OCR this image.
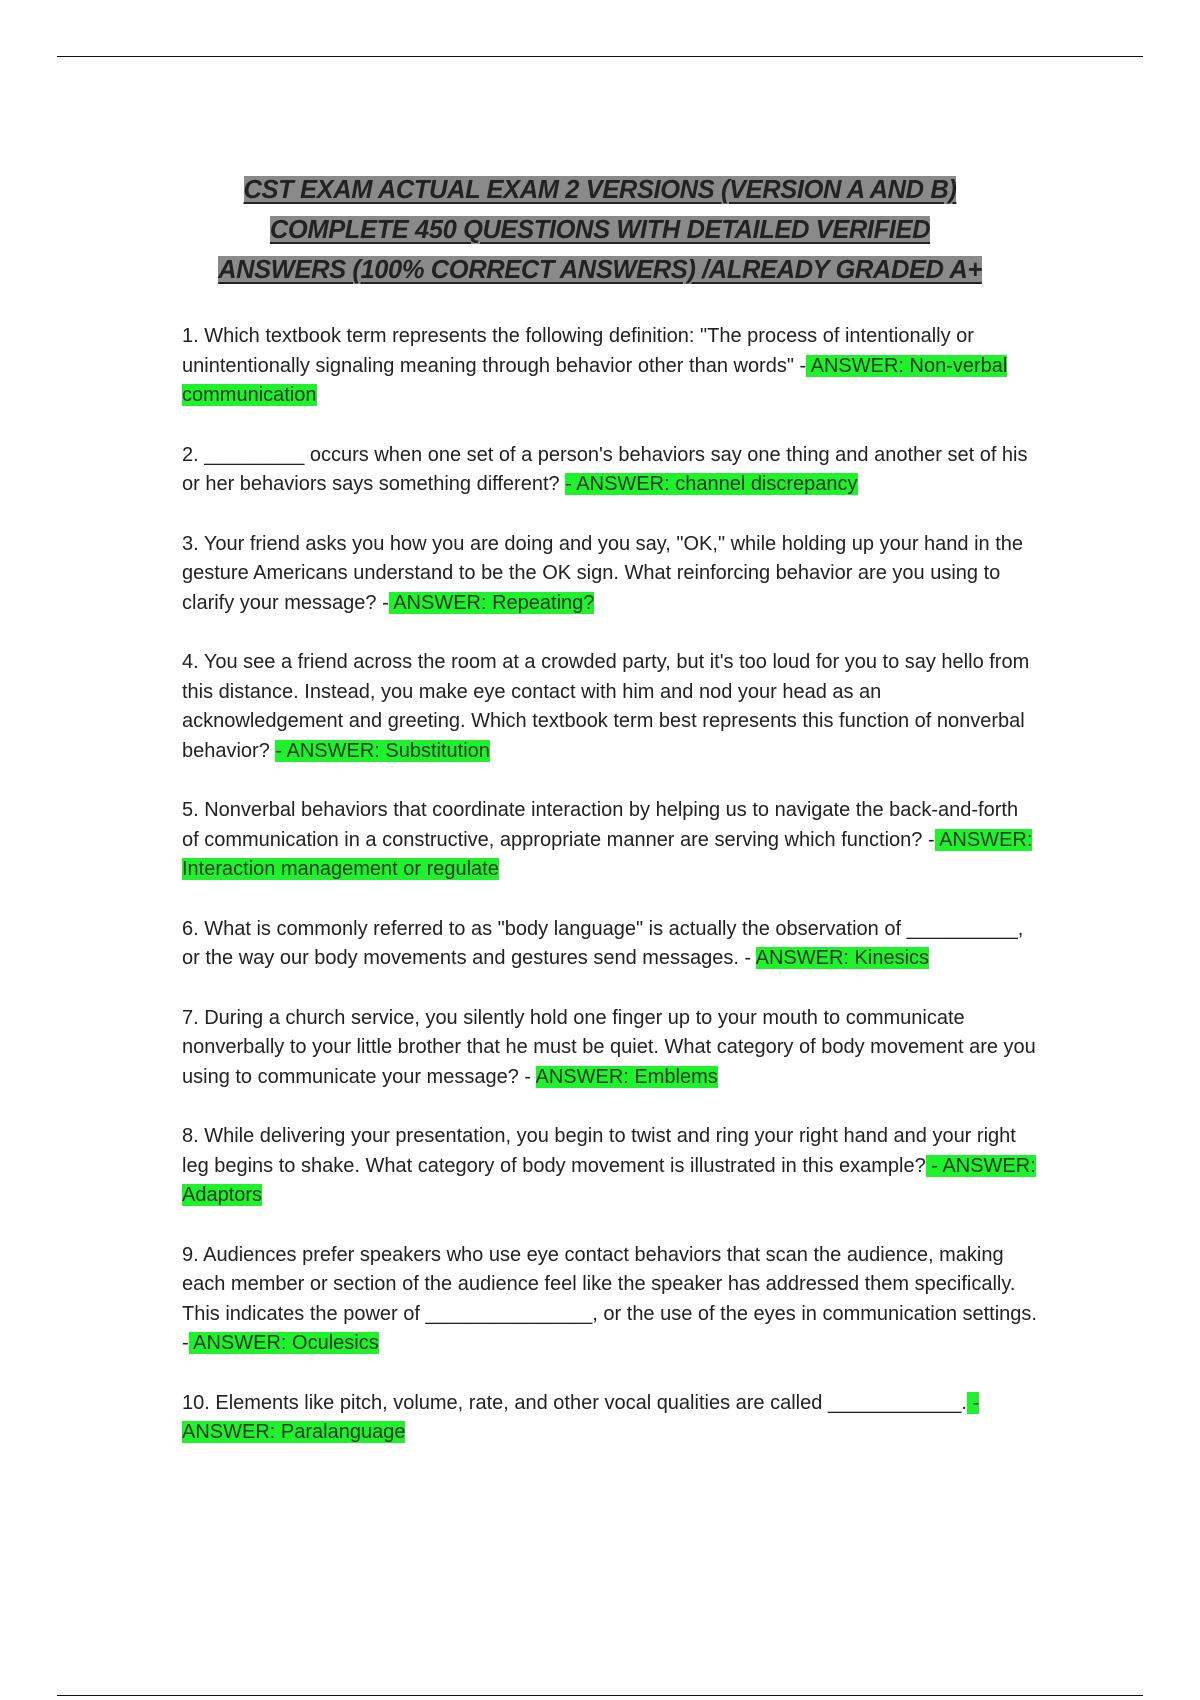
CST EXAM ACTUAL EXAM 2 VERSIONS (VERSION A AND B)
COMPLETE 450 QUESTIONS WITH DETAILED VERIFIED
ANSWERS (100% CORRECT ANSWERS) /ALREADY GRADED A+

1. Which textbook term represents the following definition: "The process of intentionally or unintentionally signaling meaning through behavior other than words" - ANSWER: Non-verbal communication

2. _________ occurs when one set of a person's behaviors say one thing and another set of his or her behaviors says something different? - ANSWER: channel discrepancy

3. Your friend asks you how you are doing and you say, "OK," while holding up your hand in the gesture Americans understand to be the OK sign. What reinforcing behavior are you using to clarify your message? - ANSWER: Repeating?

4. You see a friend across the room at a crowded party, but it's too loud for you to say hello from this distance. Instead, you make eye contact with him and nod your head as an acknowledgement and greeting. Which textbook term best represents this function of nonverbal behavior? - ANSWER: Substitution

5. Nonverbal behaviors that coordinate interaction by helping us to navigate the back-and-forth of communication in a constructive, appropriate manner are serving which function? - ANSWER: Interaction management or regulate

6. What is commonly referred to as "body language" is actually the observation of __________, or the way our body movements and gestures send messages. - ANSWER: Kinesics

7. During a church service, you silently hold one finger up to your mouth to communicate nonverbally to your little brother that he must be quiet. What category of body movement are you using to communicate your message? - ANSWER: Emblems

8. While delivering your presentation, you begin to twist and ring your right hand and your right leg begins to shake. What category of body movement is illustrated in this example? - ANSWER: Adaptors

9. Audiences prefer speakers who use eye contact behaviors that scan the audience, making each member or section of the audience feel like the speaker has addressed them specifically. This indicates the power of _______________, or the use of the eyes in communication settings. - ANSWER: Oculesics

10. Elements like pitch, volume, rate, and other vocal qualities are called ____________. - ANSWER: Paralanguage
